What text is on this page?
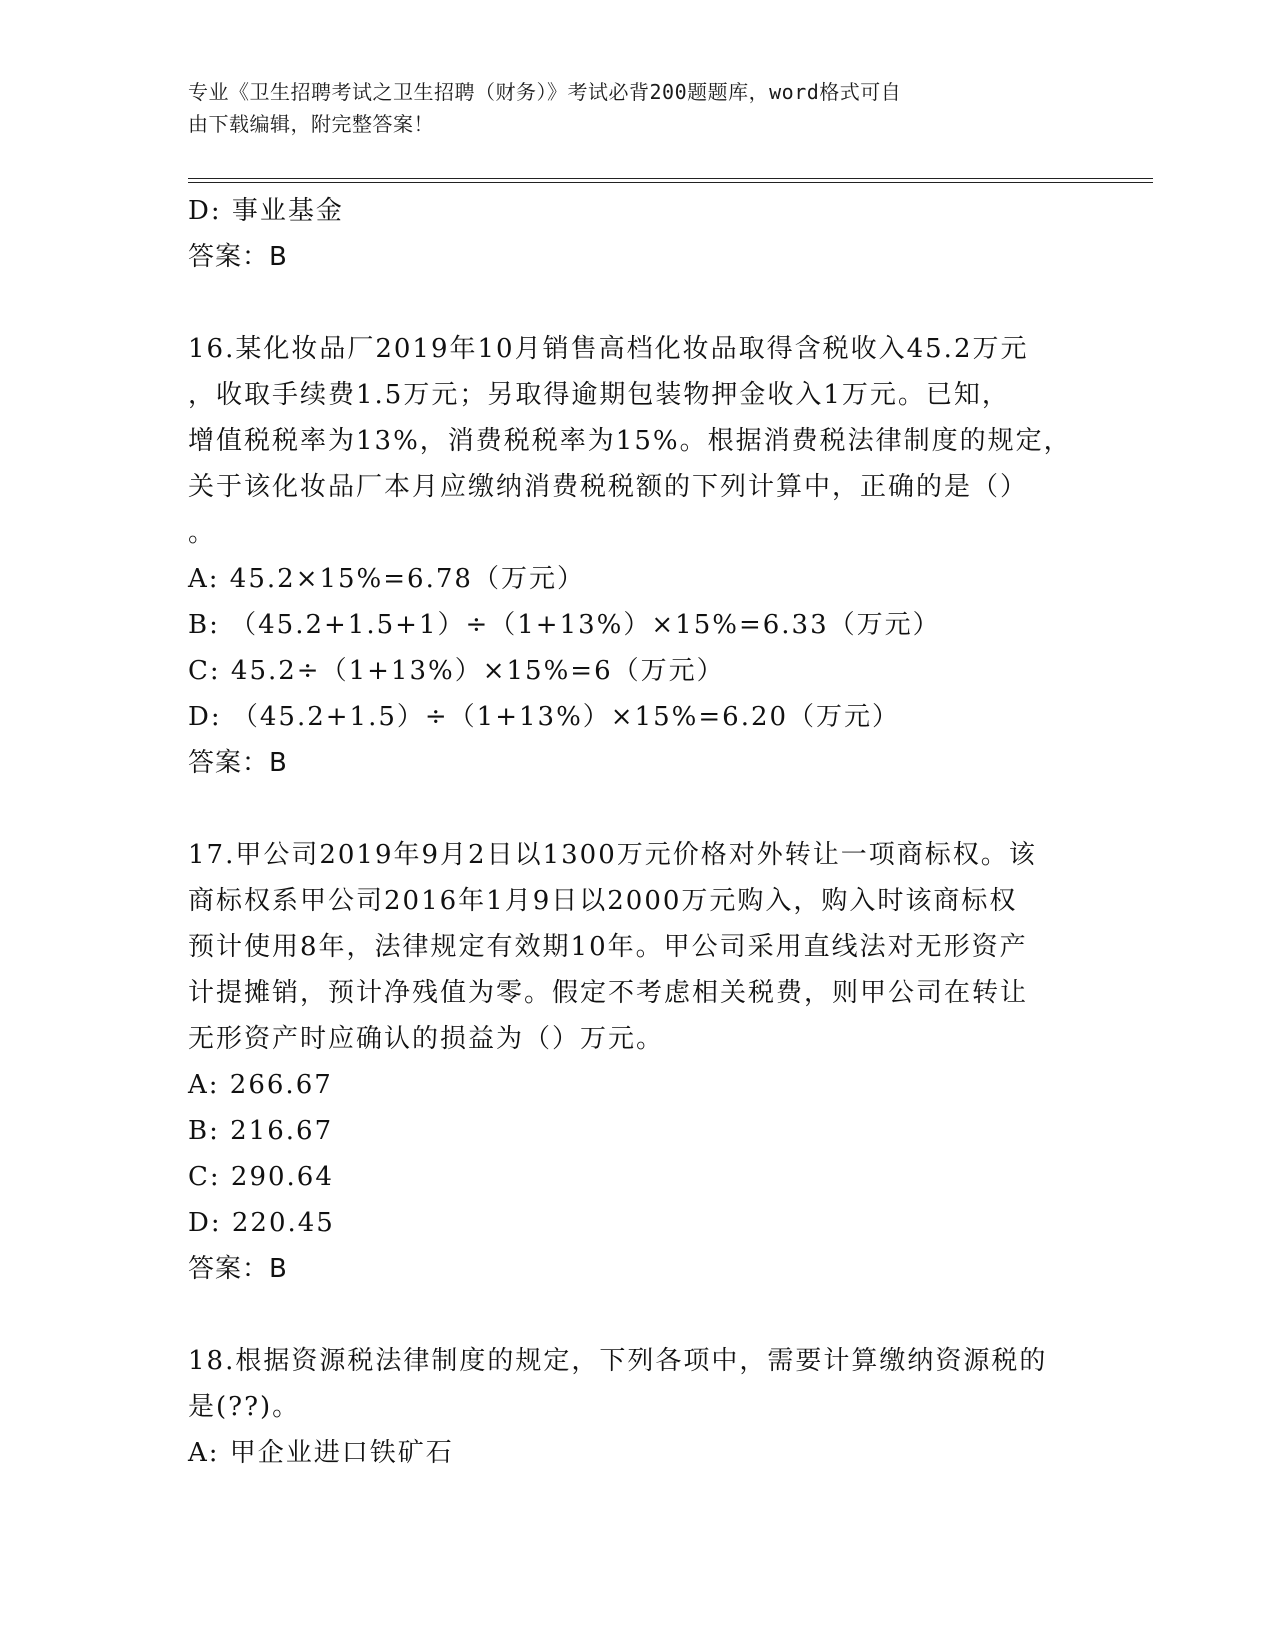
专业《卫生招聘考试之卫生招聘（财务）》考试必背200题题库，word格式可自
由下载编辑，附完整答案！
D: 事业基金
答案：B
16.某化妆品厂2019年10月销售高档化妆品取得含税收入45.2万元
，收取手续费1.5万元；另取得逾期包装物押金收入1万元。已知，
增值税税率为13%，消费税税率为15%。根据消费税法律制度的规定，
关于该化妆品厂本月应缴纳消费税税额的下列计算中，正确的是（）
。
A: 45.2×15%=6.78（万元）
B: （45.2+1.5+1）÷（1+13%）×15%=6.33（万元）
C: 45.2÷（1+13%）×15%=6（万元）
D: （45.2+1.5）÷（1+13%）×15%=6.20（万元）
答案：B
17.甲公司2019年9月2日以1300万元价格对外转让一项商标权。该
商标权系甲公司2016年1月9日以2000万元购入，购入时该商标权
预计使用8年，法律规定有效期10年。甲公司采用直线法对无形资产
计提摊销，预计净残值为零。假定不考虑相关税费，则甲公司在转让
无形资产时应确认的损益为（）万元。
A: 266.67
B: 216.67
C: 290.64
D: 220.45
答案：B
18.根据资源税法律制度的规定，下列各项中，需要计算缴纳资源税的
是(??)。
A: 甲企业进口铁矿石
